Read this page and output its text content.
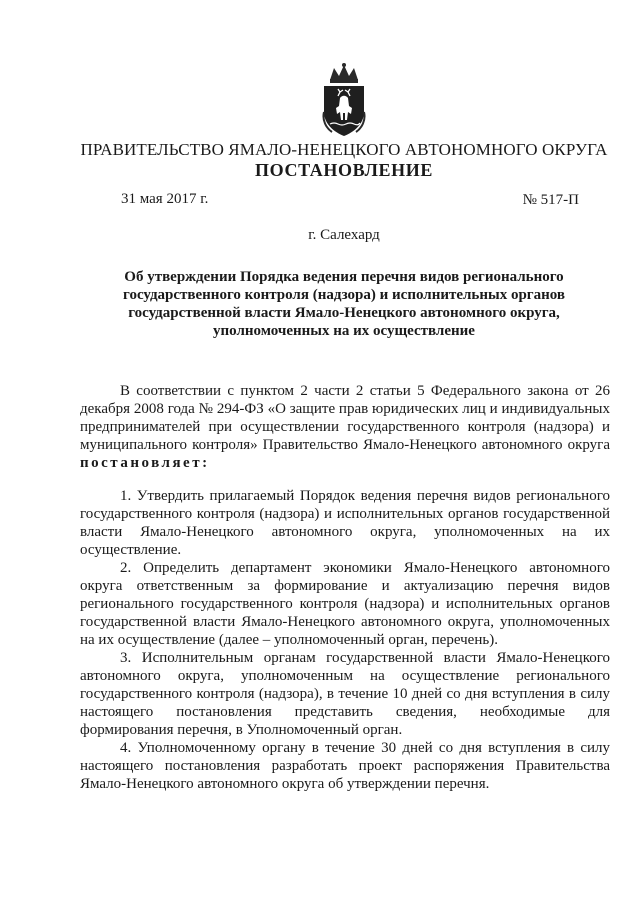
ПРАВИТЕЛЬСТВО ЯМАЛО-НЕНЕЦКОГО АВТОНОМНОГО ОКРУГА
ПОСТАНОВЛЕНИЕ
31 мая 2017 г.	№ 517-П
г. Салехард
Об утверждении Порядка ведения перечня видов регионального государственного контроля (надзора) и исполнительных органов государственной власти Ямало-Ненецкого автономного округа, уполномоченных на их осуществление

В соответствии с пунктом 2 части 2 статьи 5 Федерального закона от 26 декабря 2008 года № 294-ФЗ «О защите прав юридических лиц и индивидуальных предпринимателей при осуществлении государственного контроля (надзора) и муниципального контроля» Правительство Ямало-Ненецкого автономного округа постановляет:

1. Утвердить прилагаемый Порядок ведения перечня видов регионального государственного контроля (надзора) и исполнительных органов государственной власти Ямало-Ненецкого автономного округа, уполномоченных на их осуществление.

2. Определить департамент экономики Ямало-Ненецкого автономного округа ответственным за формирование и актуализацию перечня видов регионального государственного контроля (надзора) и исполнительных органов государственной власти Ямало-Ненецкого автономного округа, уполномоченных на их осуществление (далее – уполномоченный орган, перечень).

3. Исполнительным органам государственной власти Ямало-Ненецкого автономного округа, уполномоченным на осуществление регионального государственного контроля (надзора), в течение 10 дней со дня вступления в силу настоящего постановления представить сведения, необходимые для формирования перечня, в Уполномоченный орган.

4. Уполномоченному органу в течение 30 дней со дня вступления в силу настоящего постановления разработать проект распоряжения Правительства Ямало-Ненецкого автономного округа об утверждении перечня.
